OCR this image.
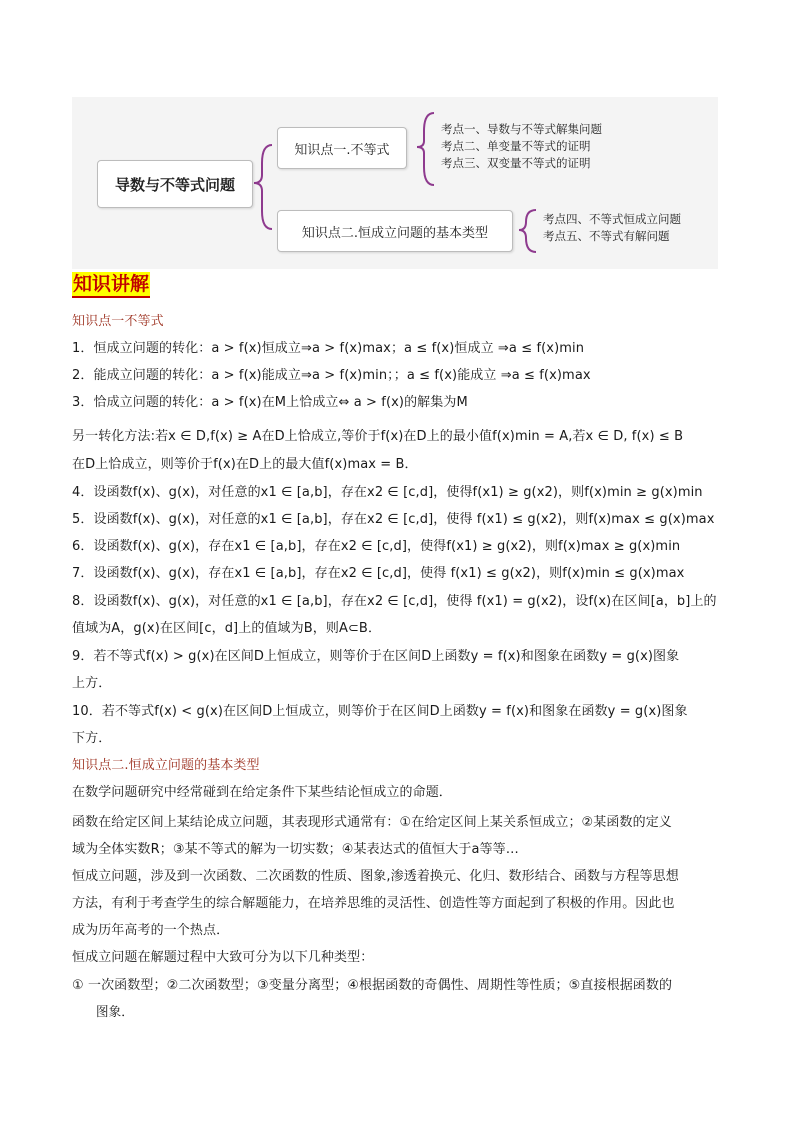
导数与不等式问题
知识点一.不等式
知识点二.恒成立问题的基本类型
考点一、导数与不等式解集问题
考点二、单变量不等式的证明
考点三、双变量不等式的证明
考点四、不等式恒成立问题
考点五、不等式有解问题
知识讲解
知识点一不等式
1．恒成立问题的转化：a > f(x)恒成立⇒a > f(x)max；a ≤ f(x)恒成立 ⇒a ≤ f(x)min
2．能成立问题的转化：a > f(x)能成立⇒a > f(x)min；；a ≤ f(x)能成立 ⇒a ≤ f(x)max
3．恰成立问题的转化：a > f(x)在M上恰成立⇔ a > f(x)的解集为M
另一转化方法:若x ∈ D,f(x) ≥ A在D上恰成立,等价于f(x)在D上的最小值f(x)min = A,若x ∈ D, f(x) ≤ B
在D上恰成立，则等价于f(x)在D上的最大值f(x)max = B．
4．设函数f(x)、g(x)，对任意的x1 ∈ [a,b]，存在x2 ∈ [c,d]，使得f(x1) ≥ g(x2)，则f(x)min ≥ g(x)min
5．设函数f(x)、g(x)，对任意的x1 ∈ [a,b]，存在x2 ∈ [c,d]，使得 f(x1) ≤ g(x2)，则f(x)max ≤ g(x)max
6．设函数f(x)、g(x)，存在x1 ∈ [a,b]，存在x2 ∈ [c,d]，使得f(x1) ≥ g(x2)，则f(x)max ≥ g(x)min
7．设函数f(x)、g(x)，存在x1 ∈ [a,b]，存在x2 ∈ [c,d]，使得 f(x1) ≤ g(x2)，则f(x)min ≤ g(x)max
8．设函数f(x)、g(x)，对任意的x1 ∈ [a,b]，存在x2 ∈ [c,d]，使得 f(x1) = g(x2)，设f(x)在区间[a，b]上的
值域为A，g(x)在区间[c，d]上的值域为B，则A⊂B．
9．若不等式f(x) > g(x)在区间D上恒成立，则等价于在区间D上函数y = f(x)和图象在函数y = g(x)图象
上方．
10．若不等式f(x) < g(x)在区间D上恒成立，则等价于在区间D上函数y = f(x)和图象在函数y = g(x)图象
下方．
知识点二.恒成立问题的基本类型
在数学问题研究中经常碰到在给定条件下某些结论恒成立的命题．
函数在给定区间上某结论成立问题，其表现形式通常有：①在给定区间上某关系恒成立；②某函数的定义
域为全体实数R；③某不等式的解为一切实数；④某表达式的值恒大于a等等…
恒成立问题，涉及到一次函数、二次函数的性质、图象,渗透着换元、化归、数形结合、函数与方程等思想
方法，有利于考查学生的综合解题能力，在培养思维的灵活性、创造性等方面起到了积极的作用。因此也
成为历年高考的一个热点．
恒成立问题在解题过程中大致可分为以下几种类型：
① 一次函数型；②二次函数型；③变量分离型；④根据函数的奇偶性、周期性等性质；⑤直接根据函数的
图象．
